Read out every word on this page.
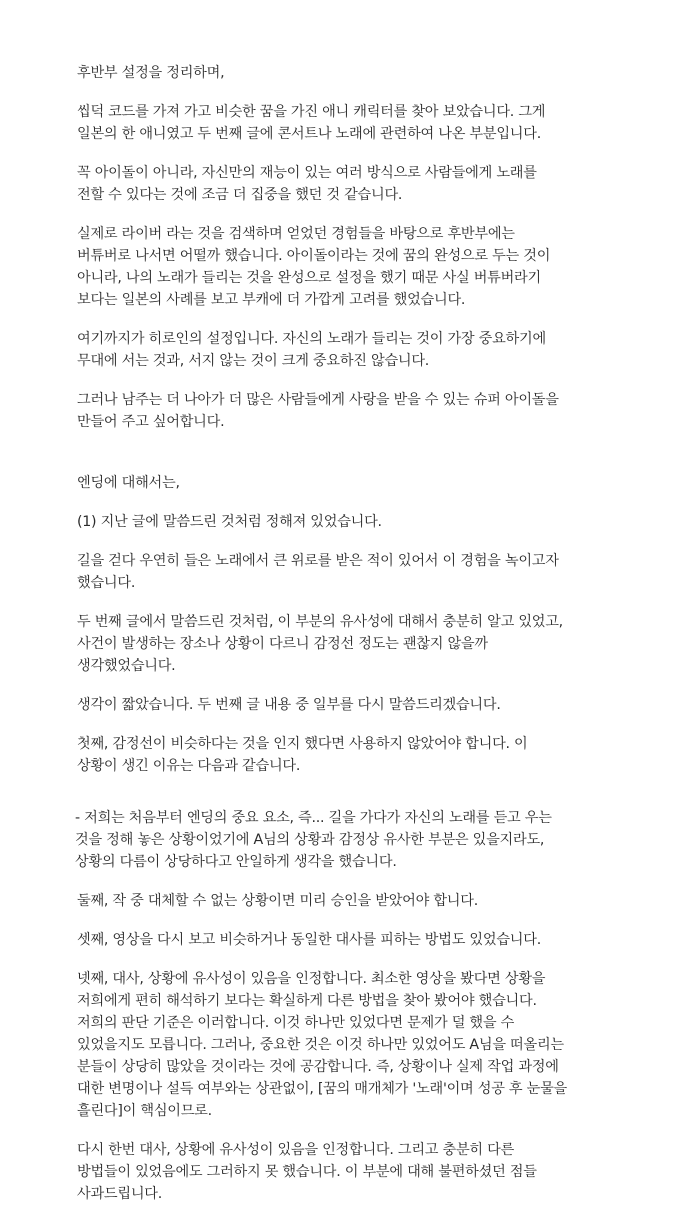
후반부 설정을 정리하며,

씹덕 코드를 가져 가고 비슷한 꿈을 가진 애니 캐릭터를 찾아 보았습니다. 그게
일본의 한 애니였고 두 번째 글에 콘서트나 노래에 관련하여 나온 부분입니다.

꼭 아이돌이 아니라, 자신만의 재능이 있는 여러 방식으로 사람들에게 노래를
전할 수 있다는 것에 조금 더 집중을 했던 것 같습니다.

실제로 라이버 라는 것을 검색하며 얻었던 경험들을 바탕으로 후반부에는
버튜버로 나서면 어떨까 했습니다. 아이돌이라는 것에 꿈의 완성으로 두는 것이
아니라, 나의 노래가 들리는 것을 완성으로 설정을 했기 때문 사실 버튜버라기
보다는 일본의 사례를 보고 부캐에 더 가깝게 고려를 했었습니다.

여기까지가 히로인의 설정입니다. 자신의 노래가 들리는 것이 가장 중요하기에
무대에 서는 것과, 서지 않는 것이 크게 중요하진 않습니다.

그러나 남주는 더 나아가 더 많은 사람들에게 사랑을 받을 수 있는 슈퍼 아이돌을
만들어 주고 싶어합니다.

엔딩에 대해서는,

(1) 지난 글에 말씀드린 것처럼 정해져 있었습니다.

길을 걷다 우연히 들은 노래에서 큰 위로를 받은 적이 있어서 이 경험을 녹이고자
했습니다.

두 번째 글에서 말씀드린 것처럼, 이 부분의 유사성에 대해서 충분히 알고 있었고,
사건이 발생하는 장소나 상황이 다르니 감정선 정도는 괜찮지 않을까
생각했었습니다.

생각이 짧았습니다. 두 번째 글 내용 중 일부를 다시 말씀드리겠습니다.

첫째, 감정선이 비슷하다는 것을 인지 했다면 사용하지 않았어야 합니다. 이
상황이 생긴 이유는 다음과 같습니다.

- 저희는 처음부터 엔딩의 중요 요소, 즉... 길을 가다가 자신의 노래를 듣고 우는
것을 정해 놓은 상황이었기에 A님의 상황과 감정상 유사한 부분은 있을지라도,
상황의 다름이 상당하다고 안일하게 생각을 했습니다.

둘째, 작 중 대체할 수 없는 상황이면 미리 승인을 받았어야 합니다.

셋째, 영상을 다시 보고 비슷하거나 동일한 대사를 피하는 방법도 있었습니다.

넷째, 대사, 상황에 유사성이 있음을 인정합니다. 최소한 영상을 봤다면 상황을
저희에게 편히 해석하기 보다는 확실하게 다른 방법을 찾아 봤어야 했습니다.
저희의 판단 기준은 이러합니다. 이것 하나만 있었다면 문제가 덜 했을 수
있었을지도 모릅니다. 그러나, 중요한 것은 이것 하나만 있었어도 A님을 떠올리는
분들이 상당히 많았을 것이라는 것에 공감합니다. 즉, 상황이나 실제 작업 과정에
대한 변명이나 설득 여부와는 상관없이, [꿈의 매개체가 '노래'이며 성공 후 눈물을
흘린다]이 핵심이므로.

다시 한번 대사, 상황에 유사성이 있음을 인정합니다. 그리고 충분히 다른
방법들이 있었음에도 그러하지 못 했습니다. 이 부분에 대해 불편하셨던 점들
사과드립니다.
